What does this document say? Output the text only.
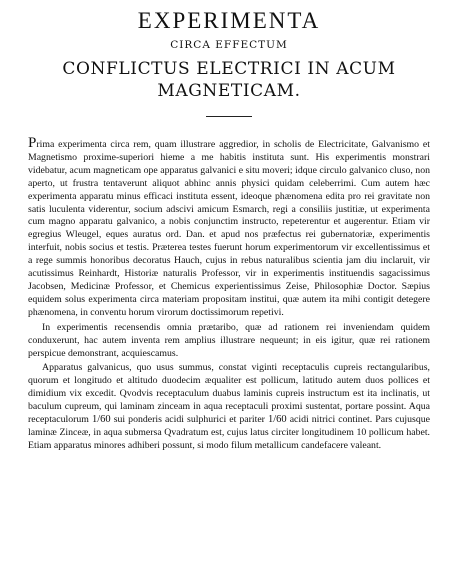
EXPERIMENTA
CIRCA EFFECTUM
CONFLICTUS ELECTRICI IN ACUM
MAGNETICAM.

Prima experimenta circa rem, quam illustrare aggredior, in scholis de Electricitate, Galvanismo et Magnetismo proxime-superiori hieme a me habitis instituta sunt. His experimentis monstrari videbatur, acum magneticam ope apparatus galvanici e situ moveri; idque circulo galvanico cluso, non aperto, ut frustra tentaverunt aliquot abhinc annis physici quidam celeberrimi. Cum autem hæc experimenta apparatu minus efficaci instituta essent, ideoque phænomena edita pro rei gravitate non satis luculenta viderentur, socium adscivi amicum Esmarch, regi a consiliis justitiæ, ut experimenta cum magno apparatu galvanico, a nobis conjunctim instructo, repeterentur et augerentur. Etiam vir egregius Wleugel, eques auratus ord. Dan. et apud nos præfectus rei gubernatoriæ, experimentis interfuit, nobis socius et testis. Præterea testes fuerunt horum experimentorum vir excellentissimus et a rege summis honoribus decoratus Hauch, cujus in rebus naturalibus scientia jam diu inclaruit, vir acutissimus Reinhardt, Historiæ naturalis Professor, vir in experimentis instituendis sagacissimus Jacobsen, Medicinæ Professor, et Chemicus experientissimus Zeise, Philosophiæ Doctor. Sæpius equidem solus experimenta circa materiam propositam institui, quæ autem ita mihi contigit detegere phænomena, in conventu horum virorum doctissimorum repetivi.

In experimentis recensendis omnia prætaribo, quæ ad rationem rei inveniendam quidem conduxerunt, hac autem inventa rem amplius illustrare nequeunt; in eis igitur, quæ rei rationem perspicue demonstrant, acquiescamus.

Apparatus galvanicus, quo usus summus, constat viginti receptaculis cupreis rectangularibus, quorum et longitudo et altitudo duodecim æqualiter est pollicum, latitudo autem duos pollices et dimidium vix excedit. Qvodvis receptaculum duabus laminis cupreis instructum est ita inclinatis, ut baculum cupreum, qui laminam zinceam in aqua receptaculi proximi sustentat, portare possint. Aqua receptaculorum 1/60 sui ponderis acidi sulphurici et pariter 1/60 acidi nitrici continet. Pars cujusque laminæ Zinceæ, in aqua submersa Qvadratum est, cujus latus circiter longitudinem 10 pollicum habet. Etiam apparatus minores adhiberi possunt, si modo filum metallicum candefacere valeant.
